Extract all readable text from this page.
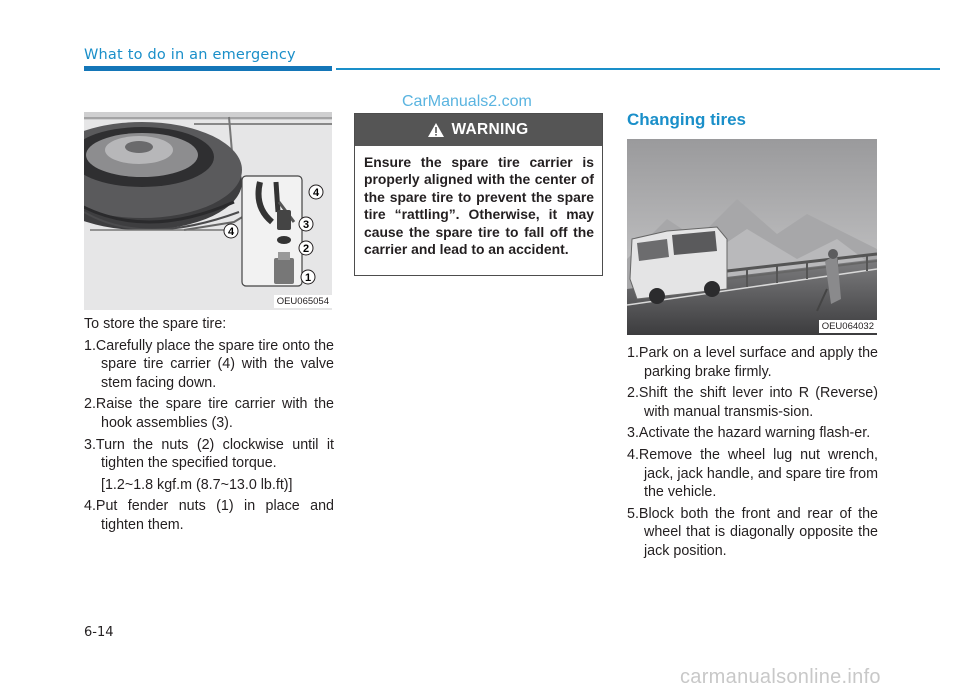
What to do in an emergency
CarManuals2.com
4
3
2
1
4
OEU065054

To store the spare tire:

1.Carefully place the spare tire onto the spare tire carrier (4) with the valve stem facing down.

2.Raise the spare tire carrier with the hook assemblies (3).

3.Turn the nuts (2) clockwise until it tighten the specified torque.

[1.2~1.8 kgf.m (8.7~13.0 lb.ft)]

4.Put fender nuts (1) in place and tighten them.

WARNING
Ensure the spare tire carrier is properly aligned with the center of the spare tire to prevent the spare tire “rattling”. Otherwise, it may cause the spare tire to fall off the carrier and lead to an accident.
Changing tires
OEU064032

1.Park on a level surface and apply the parking brake firmly.

2.Shift the shift lever into R (Reverse) with manual transmis-sion.

3.Activate the hazard warning flash-er.

4.Remove the wheel lug nut wrench, jack, jack handle, and spare tire from the vehicle.

5.Block both the front and rear of the wheel that is diagonally opposite the jack position.

6-14
carmanualsonline.info
